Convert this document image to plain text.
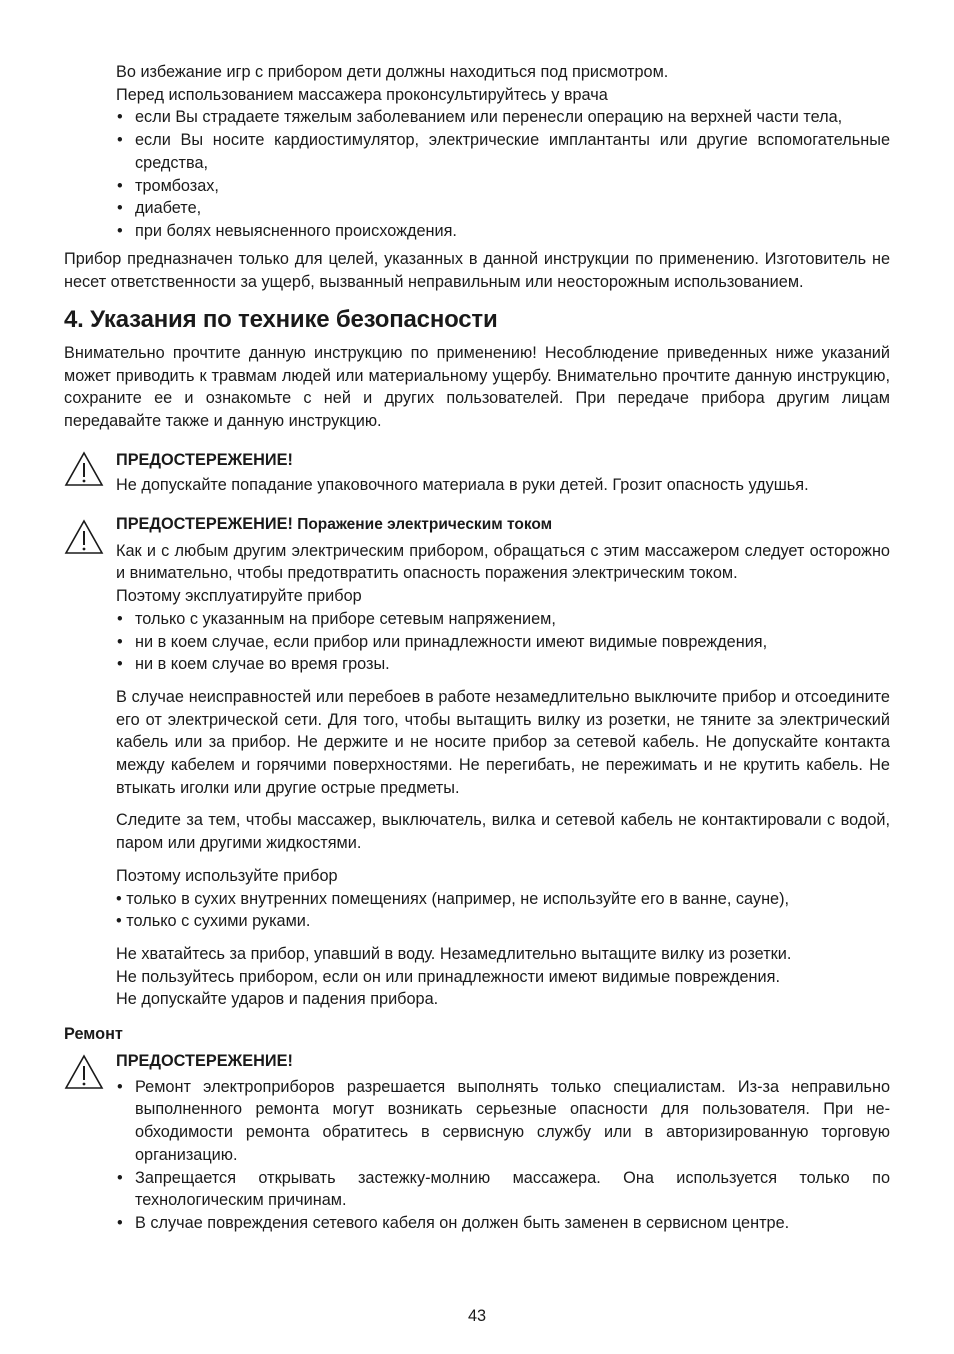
Во избежание игр с прибором дети должны находиться под присмотром.

Перед использованием массажера проконсультируйтесь у врача

• если Вы страдаете тяжелым заболеванием или перенесли операцию на верхней части тела,
• если Вы носите кардиостимулятор, электрические имплантанты или другие вспомогательные средства,
• тромбозах,
• диабете,
• при болях невыясненного происхождения.

Прибор предназначен только для целей, указанных в данной инструкции по применению. Изготовитель не несет ответственности за ущерб, вызванный неправильным или неосторожным использованием.

4. Указания по технике безопасности

Внимательно прочтите данную инструкцию по применению! Несоблюдение приведенных ниже указаний может приводить к травмам людей или материальному ущербу. Внимательно прочтите данную инструкцию, сохраните ее и ознакомьте с ней и других пользователей. При передаче прибора другим лицам передавайте также и данную инструкцию.

ПРЕДОСТЕРЕЖЕНИЕ!

Не допускайте попадание упаковочного материала в руки детей. Грозит опасность удушья.

ПРЕДОСТЕРЕЖЕНИЕ! Поражение электрическим током

Как и с любым другим электрическим прибором, обращаться с этим массажером следует осторожно и внимательно, чтобы предотвратить опасность поражения электрическим током.

Поэтому эксплуатируйте прибор

• только с указанным на приборе сетевым напряжением,
• ни в коем случае, если прибор или принадлежности имеют видимые повреждения,
• ни в коем случае во время грозы.

В случае неисправностей или перебоев в работе незамедлительно выключите прибор и отсоедините его от электрической сети. Для того, чтобы вытащить вилку из розетки, не тяните за электрический кабель или за прибор. Не держите и не носите прибор за сетевой кабель. Не допускайте контакта между кабелем и горячими поверхностями. Не перегибать, не пережимать и не крутить кабель. Не втыкать иголки или другие острые предметы.

Следите за тем, чтобы массажер, выключатель, вилка и сетевой кабель не контактировали с водой, паром или другими жидкостями.

Поэтому используйте прибор

• только в сухих внутренних помещениях (например, не используйте его в ванне, сауне),
• только с сухими руками.

Не хватайтесь за прибор, упавший в воду. Незамедлительно вытащите вилку из розетки.

Не пользуйтесь прибором, если он или принадлежности имеют видимые повреждения.

Не допускайте ударов и падения прибора.

Ремонт

ПРЕДОСТЕРЕЖЕНИЕ!

• Ремонт электроприборов разрешается выполнять только специалистам. Из-за неправильно выполненного ремонта могут возникать серьезные опасности для пользователя. При необходимости ремонта обратитесь в сервисную службу или в авторизированную торговую организацию.
• Запрещается открывать застежку-молнию массажера. Она используется только по технологическим причинам.
• В случае повреждения сетевого кабеля он должен быть заменен в сервисном центре.
43
